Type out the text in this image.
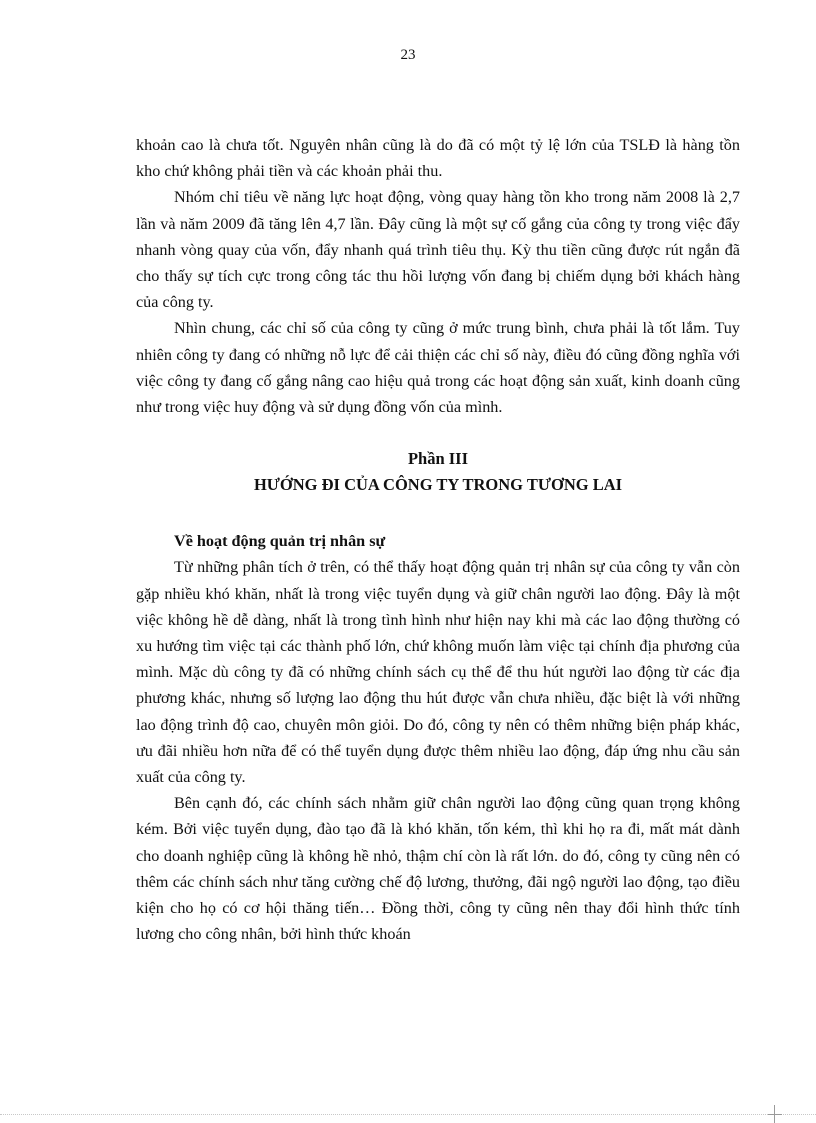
23

khoản cao là chưa tốt. Nguyên nhân cũng là do đã có một tỷ lệ lớn của TSLĐ là hàng tồn kho chứ không phải tiền và các khoản phải thu.

Nhóm chỉ tiêu về năng lực hoạt động, vòng quay hàng tồn kho trong năm 2008 là 2,7 lần và năm 2009 đã tăng lên 4,7 lần. Đây cũng là một sự cố gắng của công ty trong việc đẩy nhanh vòng quay của vốn, đẩy nhanh quá trình tiêu thụ. Kỳ thu tiền cũng được rút ngắn đã cho thấy sự tích cực trong công tác thu hồi lượng vốn đang bị chiếm dụng bởi khách hàng của công ty.

Nhìn chung, các chỉ số của công ty cũng ở mức trung bình, chưa phải là tốt lắm. Tuy nhiên công ty đang có những nỗ lực để cải thiện các chỉ số này, điều đó cũng đồng nghĩa với việc công ty đang cố gắng nâng cao hiệu quả trong các hoạt động sản xuất, kinh doanh cũng như trong việc huy động và sử dụng đồng vốn của mình.

Phần III
HƯỚNG ĐI CỦA CÔNG TY TRONG TƯƠNG LAI
Về hoạt động quản trị nhân sự

Từ những phân tích ở trên, có thể thấy hoạt động quản trị nhân sự của công ty vẫn còn gặp nhiều khó khăn, nhất là trong việc tuyển dụng và giữ chân người lao động. Đây là một việc không hề dễ dàng, nhất là trong tình hình như hiện nay khi mà các lao động thường có xu hướng tìm việc tại các thành phố lớn, chứ không muốn làm việc tại chính địa phương của mình. Mặc dù công ty đã có những chính sách cụ thể để thu hút người lao động từ các địa phương khác, nhưng số lượng lao động thu hút được vẫn chưa nhiều, đặc biệt là với những lao động trình độ cao, chuyên môn giỏi. Do đó, công ty nên có thêm những biện pháp khác, ưu đãi nhiều hơn nữa để có thể tuyển dụng được thêm nhiều lao động, đáp ứng nhu cầu sản xuất của công ty.

Bên cạnh đó, các chính sách nhằm giữ chân người lao động cũng quan trọng không kém. Bởi việc tuyển dụng, đào tạo đã là khó khăn, tốn kém, thì khi họ ra đi, mất mát dành cho doanh nghiệp cũng là không hề nhỏ, thậm chí còn là rất lớn. do đó, công ty cũng nên có thêm các chính sách như tăng cường chế độ lương, thưởng, đãi ngộ người lao động, tạo điều kiện cho họ có cơ hội thăng tiến… Đồng thời, công ty cũng nên thay đổi hình thức tính lương cho công nhân, bởi hình thức khoán
